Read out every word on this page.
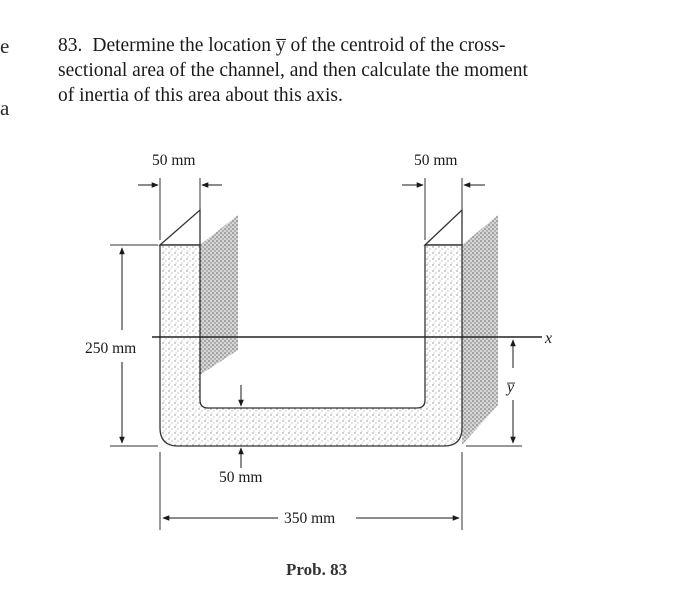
e
a
83. Determine the location y̅ of the centroid of the cross-
sectional area of the channel, and then calculate the moment
of inertia of this area about this axis.
50 mm	50 mm
250 mm
x
y̅
50 mm
350 mm
Prob. 83
